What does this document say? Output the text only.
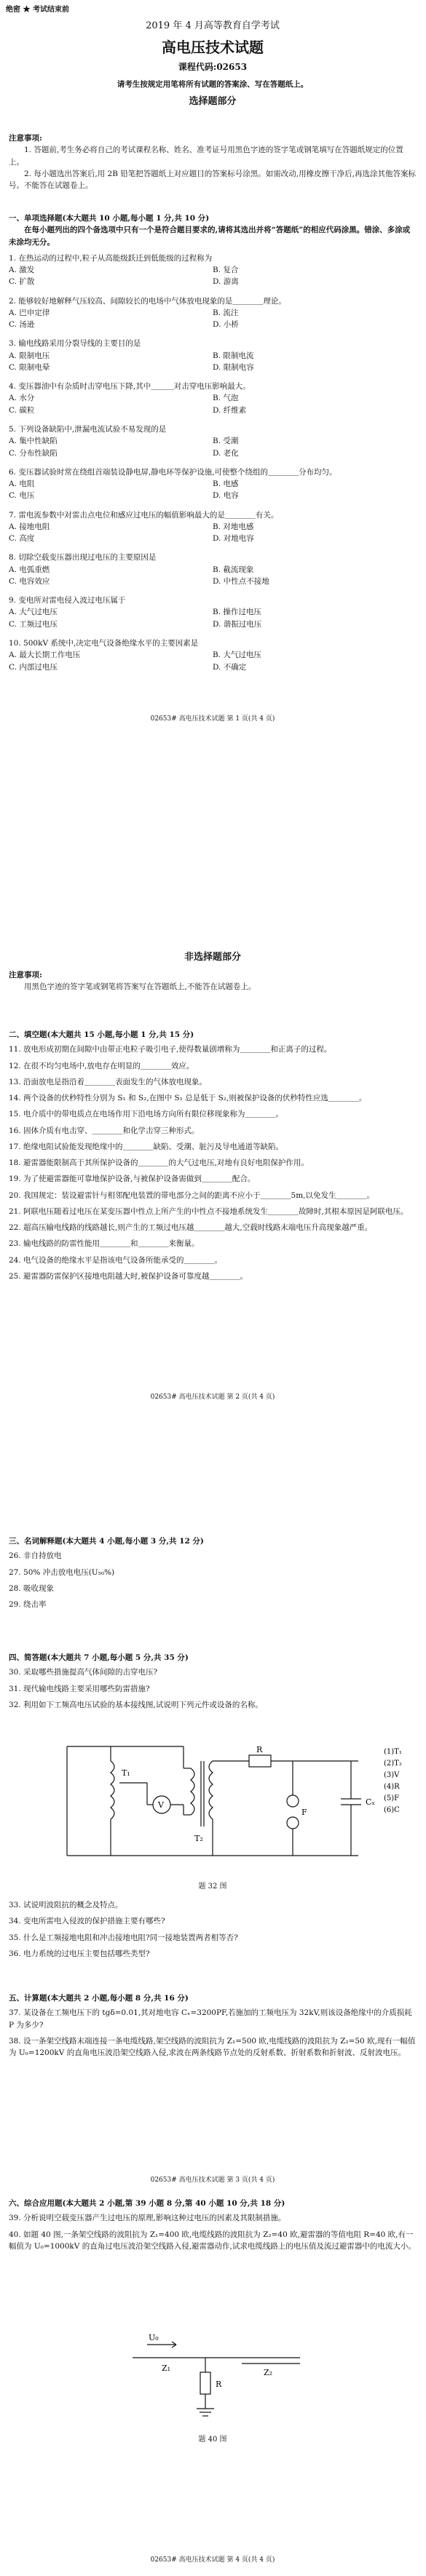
绝密 ★ 考试结束前
2019 年 4 月高等教育自学考试
高电压技术试题
课程代码:02653
请考生按规定用笔将所有试题的答案涂、写在答题纸上。
选择题部分
注意事项:
1. 答题前,考生务必将自己的考试课程名称、姓名、准考证号用黑色字迹的签字笔或钢笔填写在答题纸规定的位置上。
2. 每小题选出答案后,用 2B 铅笔把答题纸上对应题目的答案标号涂黑。如需改动,用橡皮擦干净后,再选涂其他答案标号。不能答在试题卷上。
一、单项选择题(本大题共 10 小题,每小题 1 分,共 10 分)
在每小题列出的四个备选项中只有一个是符合题目要求的,请将其选出并将“答题纸”的相应代码涂黑。错涂、多涂或未涂均无分。
1. 在热运动的过程中,粒子从高能级跃迁到低能级的过程称为
A. 激发	B. 复合
C. 扩散	D. 游离
2. 能够较好地解释气压较高、间隙较长的电场中气体放电现象的是＿＿＿＿理论。
A. 巴申定律	B. 流注
C. 汤逊	D. 小桥
3. 输电线路采用分裂导线的主要目的是
A. 限制电压	B. 限制电流
C. 限制电晕	D. 限制电容
4. 变压器油中有杂质时击穿电压下降,其中＿＿＿对击穿电压影响最大。
A. 水分	B. 气泡
C. 碳粒	D. 纤维素
5. 下列设备缺陷中,泄漏电流试验不易发现的是
A. 集中性缺陷	B. 受潮
C. 分布性缺陷	D. 老化
6. 变压器试验时常在绕组首端装设静电屏,静电环等保护设施,可使整个绕组的＿＿＿＿分布均匀。
A. 电阻	B. 电感
C. 电压	D. 电容
7. 雷电流参数中对雷击点电位和感应过电压的幅值影响最大的是＿＿＿＿有关。
A. 接地电阻	B. 对地电感
C. 高度	D. 对地电容
8. 切除空载变压器出现过电压的主要原因是
A. 电弧重燃	B. 截流现象
C. 电容效应	D. 中性点不接地
9. 变电所对雷电侵入波过电压属于
A. 大气过电压	B. 操作过电压
C. 工频过电压	D. 谐振过电压
10. 500kV 系统中,决定电气设备绝缘水平的主要因素是
A. 最大长期工作电压	B. 大气过电压
C. 内部过电压	D. 不确定
02653# 高电压技术试题 第 1 页(共 4 页)
非选择题部分
注意事项:
用黑色字迹的签字笔或钢笔将答案写在答题纸上,不能答在试题卷上。
二、填空题(本大题共 15 小题,每小题 1 分,共 15 分)
11. 放电形成初期在间隙中由带正电粒子吸引电子,使得数量剧增称为＿＿＿＿和正离子的过程。
12. 在很不均匀电场中,放电存在明显的＿＿＿＿效应。
13. 沿面放电是指沿着＿＿＿＿表面发生的气体放电现象。
14. 两个设备的伏秒特性分别为 S₁ 和 S₂,在图中 S₁ 总是低于 S₂,则被保护设备的伏秒特性应选＿＿＿＿。
15. 电介质中的带电质点在电场作用下沿电场方向所有限位移现象称为＿＿＿＿。
16. 固体介质有电击穿、＿＿＿＿和化学击穿三种形式。
17. 绝缘电阻试验能发现绝缘中的＿＿＿＿缺陷、受潮、脏污及导电通道等缺陷。
18. 避雷器能限制高于其所保护设备的＿＿＿＿的大气过电压,对地有良好电阻保护作用。
19. 为了使避雷器能可靠地保护设备,与被保护设备需做到＿＿＿＿配合。
20. 我国规定：装设避雷针与相邻配电装置的带电部分之间的距离不应小于＿＿＿＿5m,以免发生＿＿＿＿。
21. 阿联电压随着过电压在某变压器中性点上所产生的中性点不接地系统发生＿＿＿＿故障时,其根本原因是阿联电压。
22. 超高压输电线路的线路越长,则产生的工频过电压越＿＿＿＿越大,空载时线路末端电压升高现象越严重。
23. 输电线路的防雷性能用＿＿＿＿和＿＿＿＿来衡量。
24. 电气设备的绝缘水平是指该电气设备所能承受的＿＿＿＿。
25. 避雷器防雷保护区接地电阻越大时,被保护设备可靠度越＿＿＿＿。
02653# 高电压技术试题 第 2 页(共 4 页)
三、名词解释题(本大题共 4 小题,每小题 3 分,共 12 分)
26. 非自持放电
27. 50% 冲击放电电压(U₅₀%)
28. 吸收现象
29. 绕击率
四、简答题(本大题共 7 小题,每小题 5 分,共 35 分)
30. 采取哪些措施提高气体间隙的击穿电压?
31. 现代输电线路主要采用哪些防雷措施?
32. 利用如下工频高电压试验的基本接线图,试说明下列元件或设备的名称。
T₁
V
T₂
R
F
Cₓ
(1)T₁
(2)T₂
(3)V
(4)R
(5)F
(6)C
题 32 图
33. 试说明波阻抗的概念及特点。
34. 变电所雷电入侵波的保护措施主要有哪些?
35. 什么是工频接地电阻和冲击接地电阻?同一接地装置两者相等否?
36. 电力系统的过电压主要包括哪些类型?
五、计算题(本大题共 2 小题,每小题 8 分,共 16 分)
37. 某设备在工频电压下的 tgδ=0.01,其对地电容 Cₓ=3200PF,若施加的工频电压为 32kV,则该设备绝缘中的介质损耗 P 为多少?
38. 设一条架空线路末端连接一条电缆线路,架空线路的波阻抗为 Z₁=500 欧,电缆线路的波阻抗为 Z₂=50 欧,现有一幅值为 U₀=1200kV 的直角电压波沿架空线路入侵,求波在两条线路节点处的反射系数、折射系数和折射波、反射波电压。
02653# 高电压技术试题 第 3 页(共 4 页)
六、综合应用题(本大题共 2 小题,第 39 小题 8 分,第 40 小题 10 分,共 18 分)
39. 分析说明空载变压器产生过电压的原理,影响这种过电压的因素及其限制措施。
40. 如题 40 图,一条架空线路的波阻抗为 Z₁=400 欧,电缆线路的波阻抗为 Z₂=40 欧,避雷器的等值电阻 R=40 欧,有一幅值为 U₀=1000kV 的直角过电压波沿架空线路入侵,避雷器动作,试求电缆线路上的电压值及流过避雷器中的电流大小。
U₀
Z₁	Z₂
R
题 40 图
02653# 高电压技术试题 第 4 页(共 4 页)
